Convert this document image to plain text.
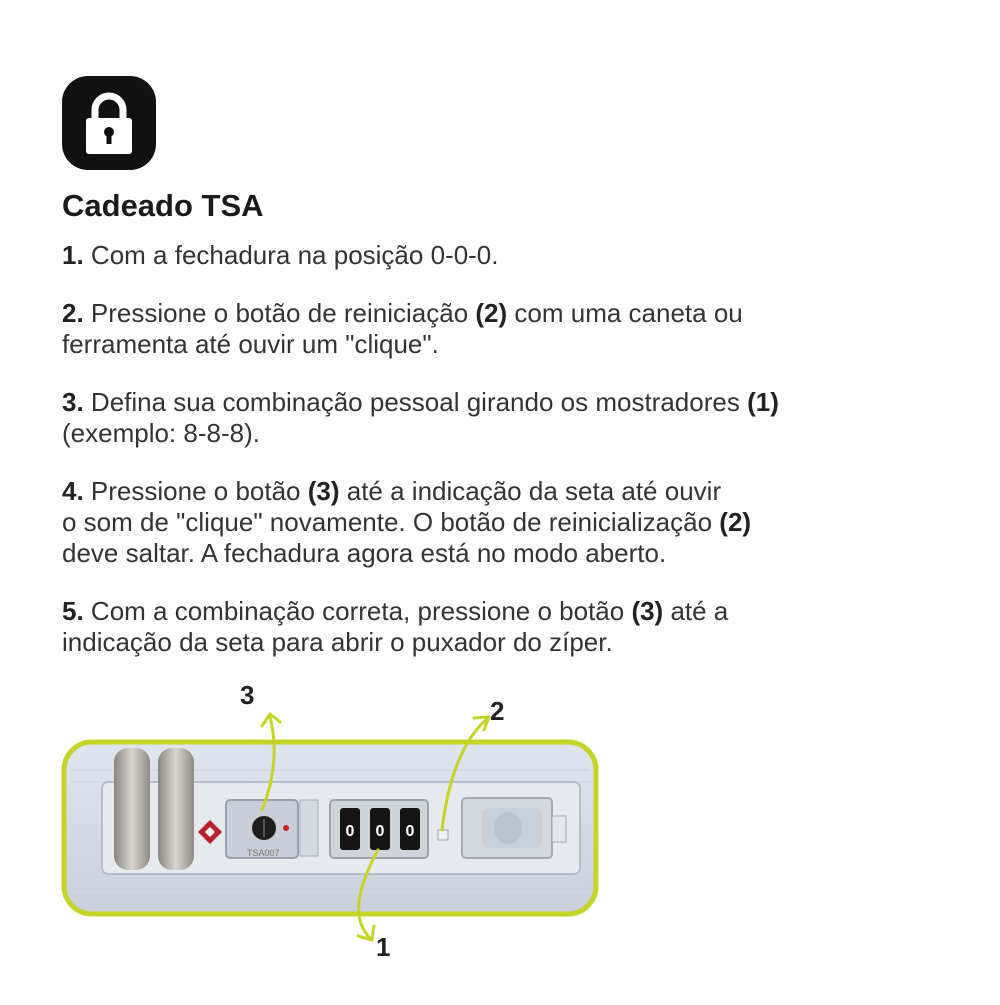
Cadeado TSA

1. Com a fechadura na posição 0-0-0.

2. Pressione o botão de reiniciação (2) com uma caneta ou
ferramenta até ouvir um "clique".

3. Defina sua combinação pessoal girando os mostradores (1)
(exemplo: 8-8-8).

4. Pressione o botão (3) até a indicação da seta até ouvir
o som de "clique" novamente. O botão de reinicialização (2)
deve saltar. A fechadura agora está no modo aberto.

5. Com a combinação correta, pressione o botão (3) até a
indicação da seta para abrir o puxador do zíper.

TSA007
0 0 0
3
2
1
